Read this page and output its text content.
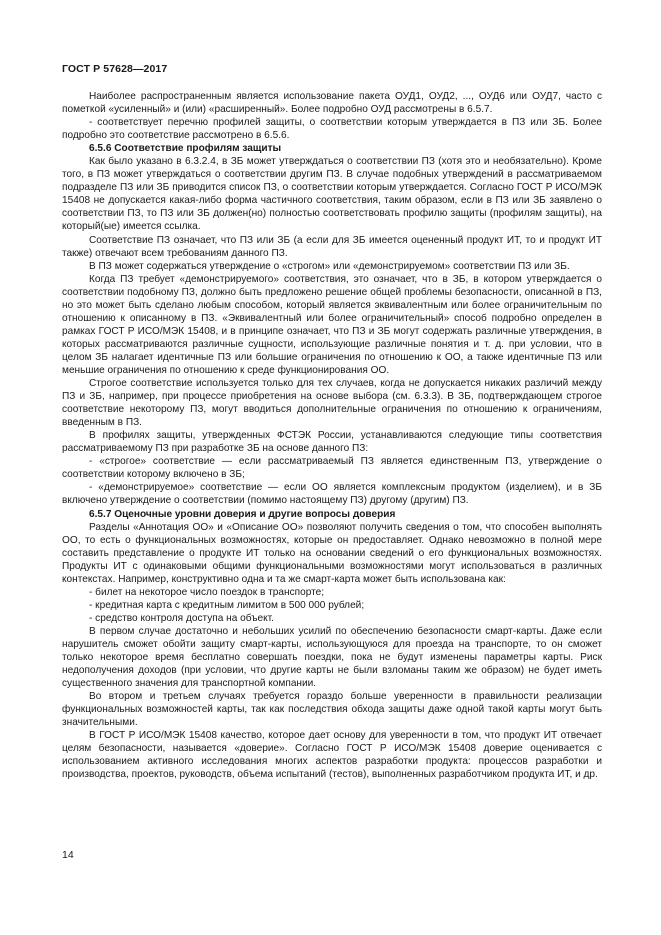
ГОСТ Р 57628—2017

Наиболее распространенным является использование пакета ОУД1, ОУД2, ..., ОУД6 или ОУД7, часто с пометкой «усиленный» и (или) «расширенный». Более подробно ОУД рассмотрены в 6.5.7.

- соответствует перечню профилей защиты, о соответствии которым утверждается в ПЗ или ЗБ. Более подробно это соответствие рассмотрено в 6.5.6.

6.5.6 Соответствие профилям защиты

Как было указано в 6.3.2.4, в ЗБ может утверждаться о соответствии ПЗ (хотя это и необязательно). Кроме того, в ПЗ может утверждаться о соответствии другим ПЗ. В случае подобных утверждений в рассматриваемом подразделе ПЗ или ЗБ приводится список ПЗ, о соответствии которым утверждается. Согласно ГОСТ Р ИСО/МЭК 15408 не допускается какая-либо форма частичного соответствия, таким образом, если в ПЗ или ЗБ заявлено о соответствии ПЗ, то ПЗ или ЗБ должен(но) полностью соответствовать профилю защиты (профилям защиты), на который(ые) имеется ссылка.

Соответствие ПЗ означает, что ПЗ или ЗБ (а если для ЗБ имеется оцененный продукт ИТ, то и продукт ИТ также) отвечают всем требованиям данного ПЗ.

В ПЗ может содержаться утверждение о «строгом» или «демонстрируемом» соответствии ПЗ или ЗБ.

Когда ПЗ требует «демонстрируемого» соответствия, это означает, что в ЗБ, в котором утверждается о соответствии подобному ПЗ, должно быть предложено решение общей проблемы безопасности, описанной в ПЗ, но это может быть сделано любым способом, который является эквивалентным или более ограничительным по отношению к описанному в ПЗ. «Эквивалентный или более ограничительный» способ подробно определен в рамках ГОСТ Р ИСО/МЭК 15408, и в принципе означает, что ПЗ и ЗБ могут содержать различные утверждения, в которых рассматриваются различные сущности, использующие различные понятия и т. д. при условии, что в целом ЗБ налагает идентичные ПЗ или большие ограничения по отношению к ОО, а также идентичные ПЗ или меньшие ограничения по отношению к среде функционирования ОО.

Строгое соответствие используется только для тех случаев, когда не допускается никаких различий между ПЗ и ЗБ, например, при процессе приобретения на основе выбора (см. 6.3.3). В ЗБ, подтверждающем строгое соответствие некоторому ПЗ, могут вводиться дополнительные ограничения по отношению к ограничениям, введенным в ПЗ.

В профилях защиты, утвержденных ФСТЭК России, устанавливаются следующие типы соответствия рассматриваемому ПЗ при разработке ЗБ на основе данного ПЗ:

- «строгое» соответствие — если рассматриваемый ПЗ является единственным ПЗ, утверждение о соответствии которому включено в ЗБ;

- «демонстрируемое» соответствие — если ОО является комплексным продуктом (изделием), и в ЗБ включено утверждение о соответствии (помимо настоящему ПЗ) другому (другим) ПЗ.

6.5.7 Оценочные уровни доверия и другие вопросы доверия

Разделы «Аннотация ОО» и «Описание ОО» позволяют получить сведения о том, что способен выполнять ОО, то есть о функциональных возможностях, которые он предоставляет. Однако невозможно в полной мере составить представление о продукте ИТ только на основании сведений о его функциональных возможностях. Продукты ИТ с одинаковыми общими функциональными возможностями могут использоваться в различных контекстах. Например, конструктивно одна и та же смарт-карта может быть использована как:

- билет на некоторое число поездок в транспорте;

- кредитная карта с кредитным лимитом в 500 000 рублей;

- средство контроля доступа на объект.

В первом случае достаточно и небольших усилий по обеспечению безопасности смарт-карты. Даже если нарушитель сможет обойти защиту смарт-карты, использующуюся для проезда на транспорте, то он сможет только некоторое время бесплатно совершать поездки, пока не будут изменены параметры карты. Риск недополучения доходов (при условии, что другие карты не были взломаны таким же образом) не будет иметь существенного значения для транспортной компании.

Во втором и третьем случаях требуется гораздо больше уверенности в правильности реализации функциональных возможностей карты, так как последствия обхода защиты даже одной такой карты могут быть значительными.

В ГОСТ Р ИСО/МЭК 15408 качество, которое дает основу для уверенности в том, что продукт ИТ отвечает целям безопасности, называется «доверие». Согласно ГОСТ Р ИСО/МЭК 15408 доверие оценивается с использованием активного исследования многих аспектов разработки продукта: процессов разработки и производства, проектов, руководств, объема испытаний (тестов), выполненных разработчиком продукта ИТ, и др.

14
